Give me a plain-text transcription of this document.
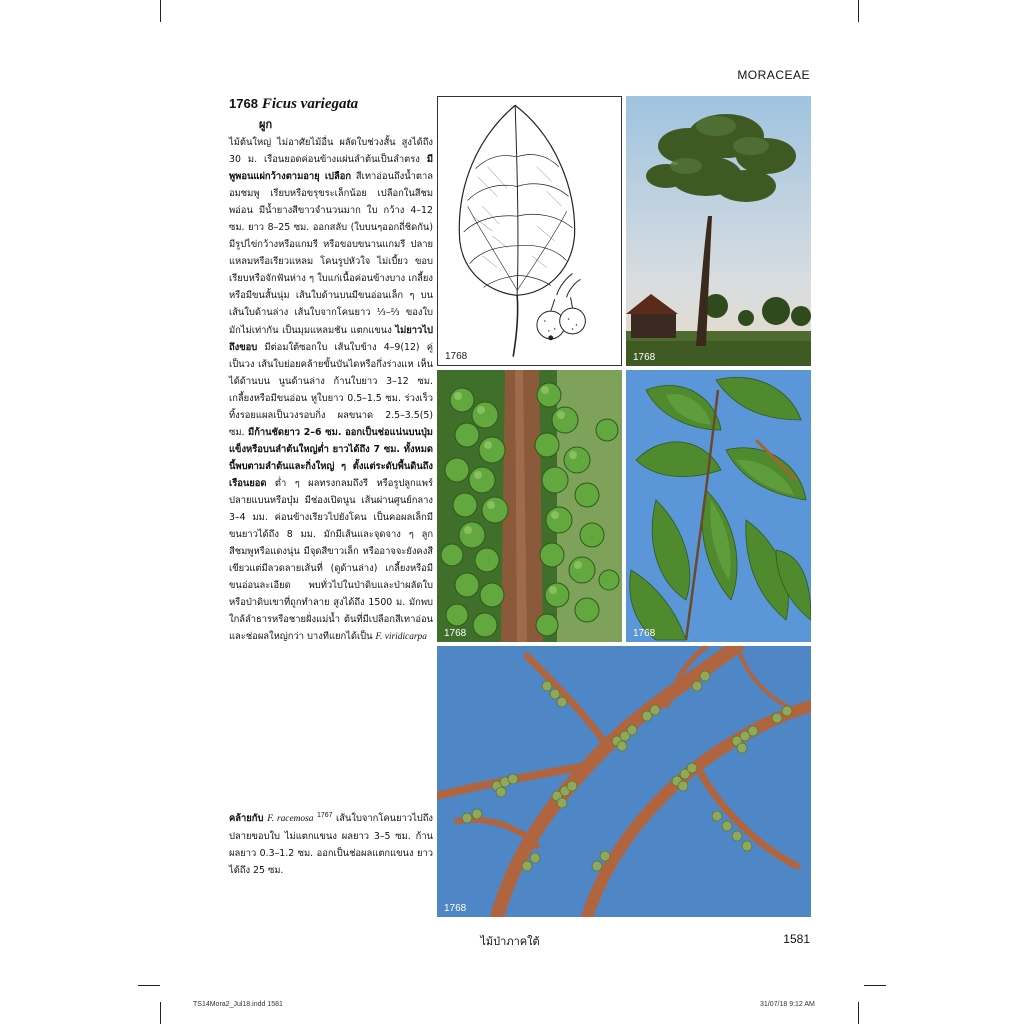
MORACEAE
1768 Ficus variegata
ผูก

ไม้ต้นใหญ่ ไม่อาศัยไม้อื่น ผลัดใบช่วงสั้น สูงได้ถึง 30 ม. เรือนยอดค่อนข้างแผ่นลำต้นเป็นลำตรง มีพูพอนแผ่กว้างตามอายุ เปลือก สีเทาอ่อนถึงน้ำตาลอมชมพู เรียบหรือขรุขระเล็กน้อย เปลือกในสีชมพอ่อน มีน้ำยางสีขาวจำนวนมาก ใบ กว้าง 4–12 ซม. ยาว 8–25 ซม. ออกสลับ (ใบบนๆออกถี่ชิดกัน) มีรูปไข่กว้างหรือแกมรี หรือขอบขนานแกมรี ปลายแหลมหรือเรียวแหลม โคนรูปหัวใจ ไม่เบี้ยว ขอบเรียบหรือจักฟันห่าง ๆ ใบแก่เนื้อค่อนข้างบาง เกลี้ยงหรือมีขนสั้นนุ่ม เส้นใบด้านบนมีขนอ่อนเล็ก ๆ บนเส้นใบด้านล่าง เส้นใบจากโคนยาว ⅓–⅔ ของใบ มักไม่เท่ากัน เป็นมุมแหลมชัน แตกแขนง ไม่ยาวไปถึงขอบ มีต่อมใต้ซอกใบ เส้นใบข้าง 4–9(12) คู่ เป็นวง เส้นใบย่อยคล้ายขั้นบันไดหรือกึ่งร่างแห เห็นได้ด้านบน นูนด้านล่าง ก้านใบยาว 3–12 ซม. เกลี้ยงหรือมีขนอ่อน หูใบยาว 0.5–1.5 ซม. ร่วงเร็ว ทิ้งรอยแผลเป็นวงรอบกิ่ง ผลขนาด 2.5–3.5(5) ซม. มีก้านชัดยาว 2–6 ซม. ออกเป็นช่อแน่นบนปุ่มแข็งหรือบนลำต้นใหญ่ต่ำ ยาวได้ถึง 7 ซม. ทั้งหมดนี้พบตามลำต้นและกิ่งใหญ่ ๆ ตั้งแต่ระดับพื้นดินถึงเรือนยอด ต่ำ ๆ ผลทรงกลมถึงรี หรือรูปลูกแพร์ ปลายแบนหรือบุ๋ม มีช่องเปิดนูน เส้นผ่านศูนย์กลาง 3–4 มม. ค่อนข้างเรียวไปยังโคน เป็นคอผลเล็กมีขนยาวได้ถึง 8 มม. มักมีเส้นและจุดจาง ๆ ลูกสีชมพูหรือแดงนุ่น มีจุดสีขาวเล็ก หรืออาจจะยังคงสีเขียวแต่มีลวดลายเส้นที่ (ดูด้านล่าง) เกลี้ยงหรือมีขนอ่อนละเอียด พบทั่วไปในป่าดิบและป่าผลัดใบ หรือป่าดิบเขาที่ถูกทำลาย สูงได้ถึง 1500 ม. มักพบใกล้ลำธารหรือชายฝั่งแม่น้ำ ต้นที่มีเปลือกสีเทาอ่อนและช่อผลใหญ่กว่า บางทีแยกได้เป็น F. viridicarpa

คล้ายกับ F. racemosa $^{1767}$ เส้นใบจากโคนยาวไปถึงปลายขอบใบ ไม่แตกแขนง ผลยาว 3–5 ซม. ก้านผลยาว 0.3–1.2 ซม. ออกเป็นช่อผลแตกแขนง ยาวได้ถึง 25 ซม.

1768	1768
1768	1768
1768
ไม้ป่าภาคใต้	1581
TS14Mora2_Jul18.indd 1581	31/07/18 9:12 AM
